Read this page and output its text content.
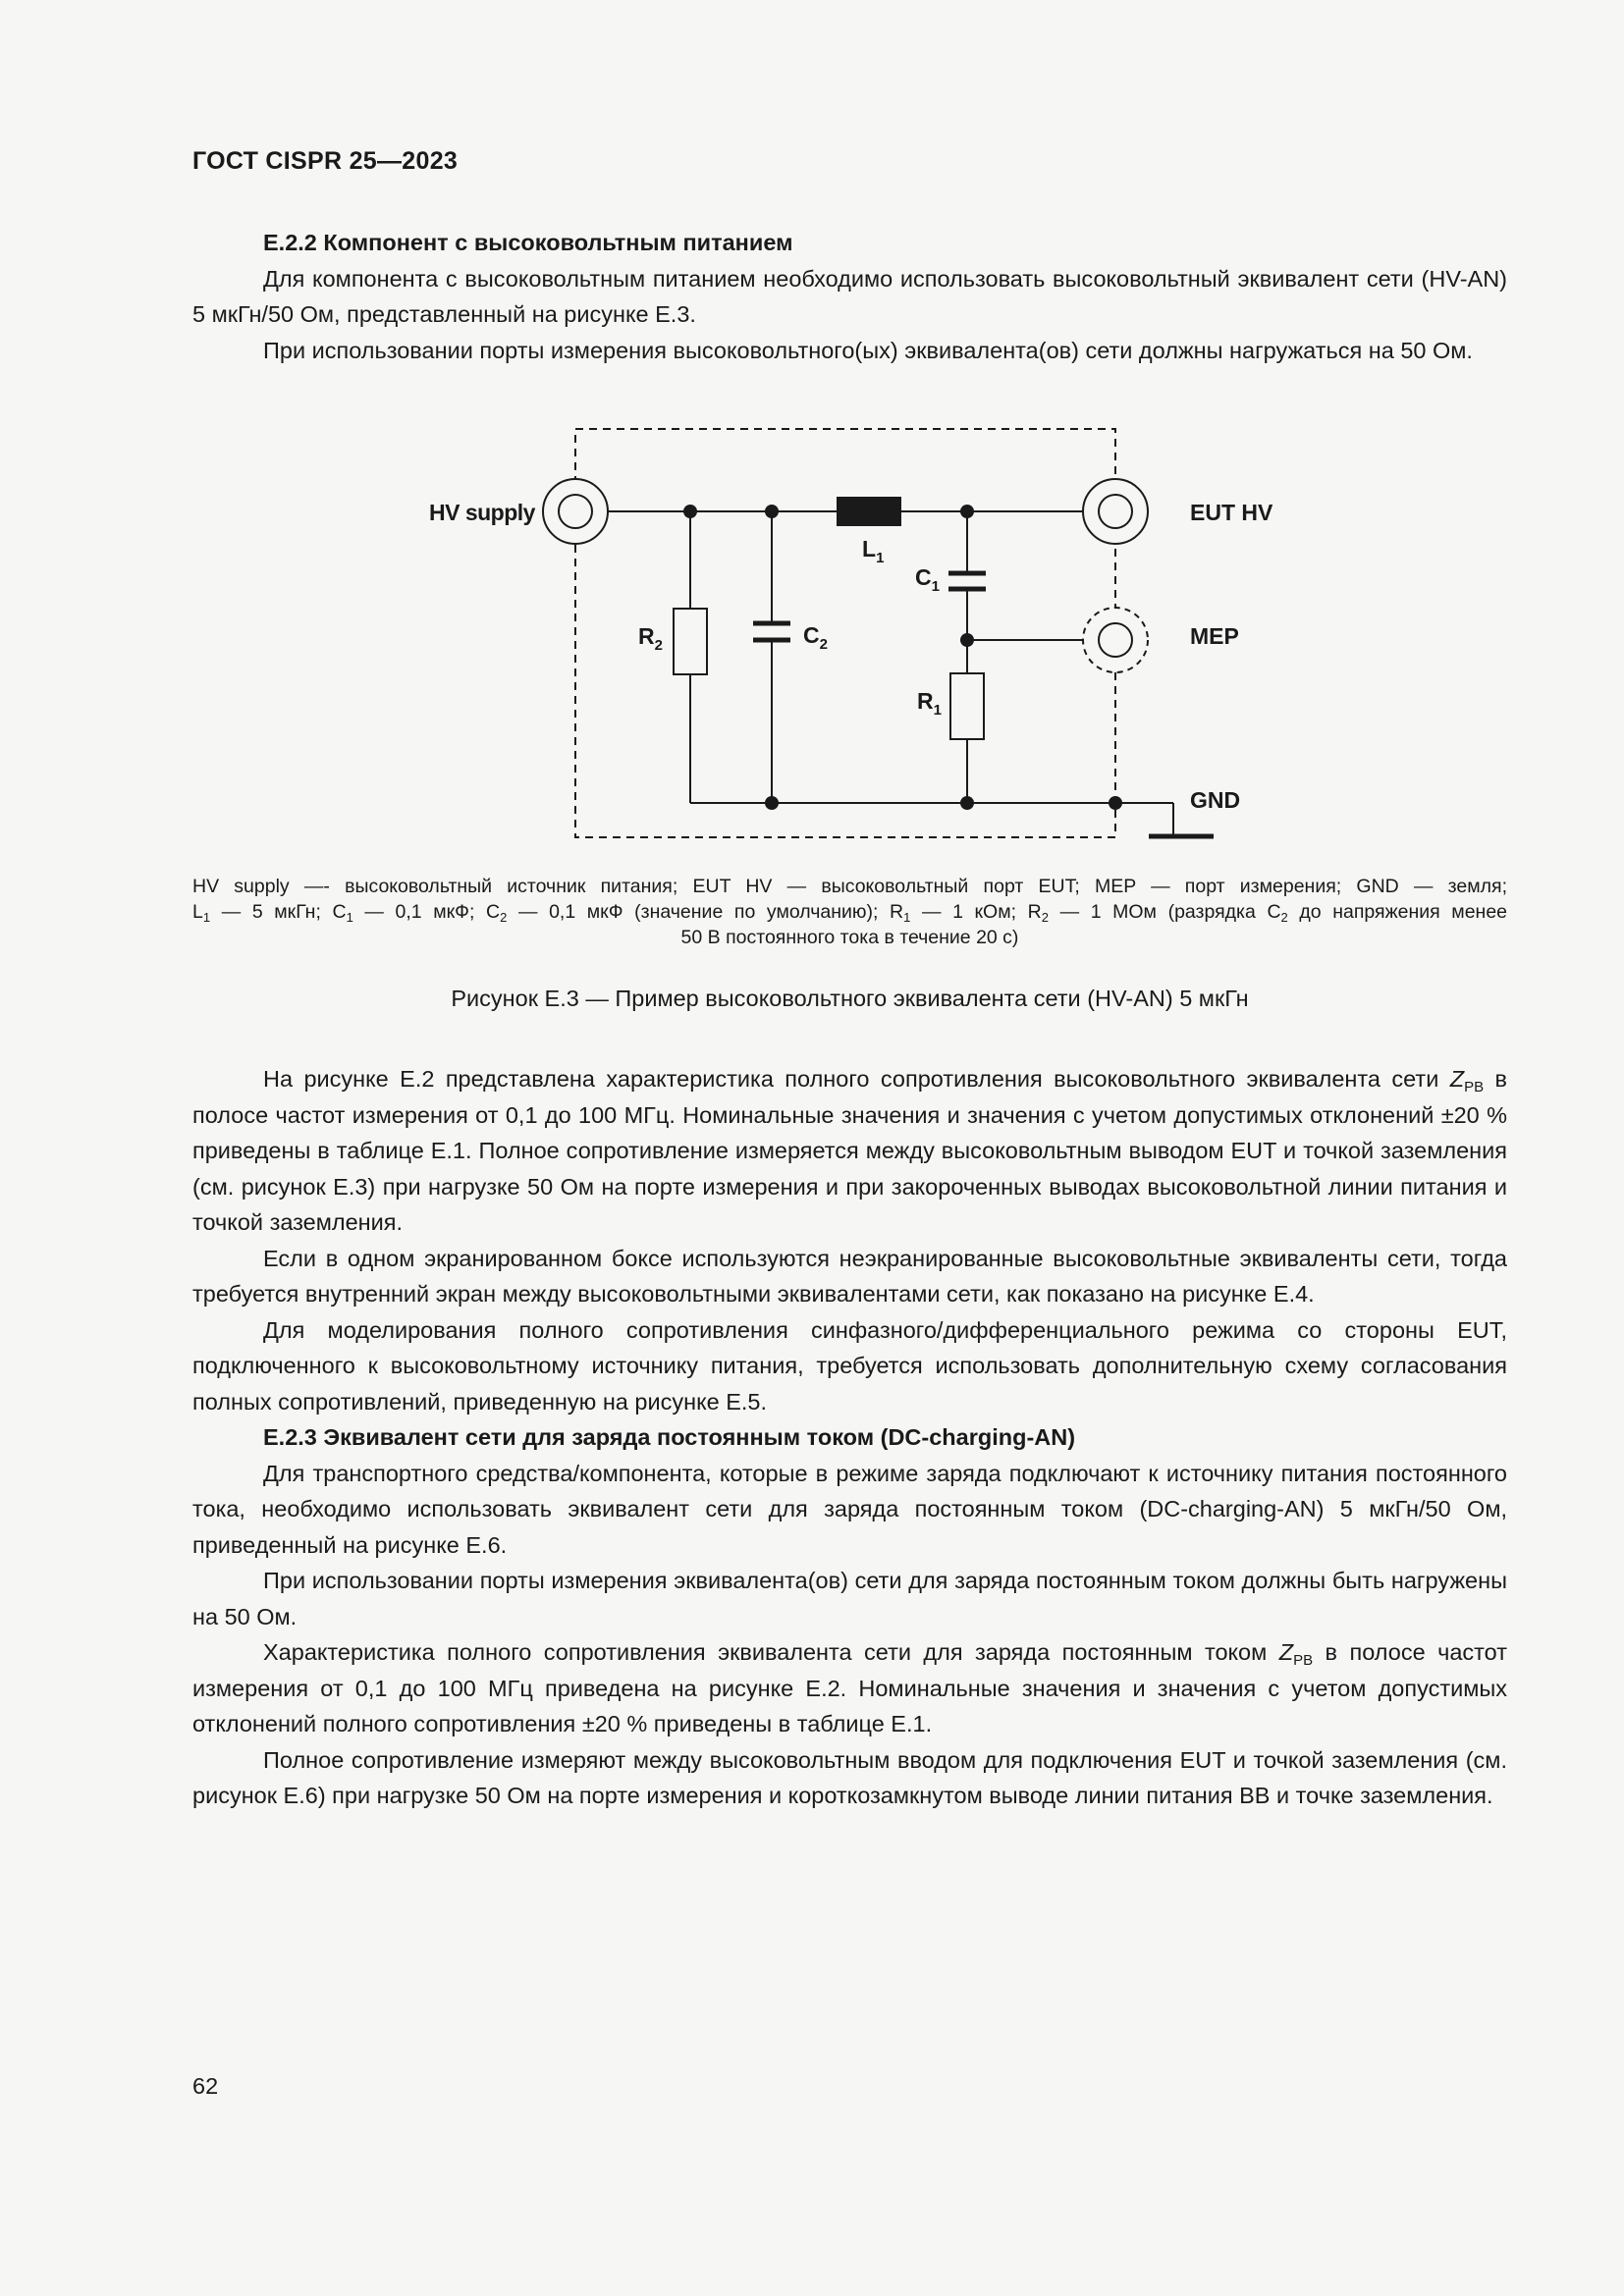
ГОСТ CISPR 25—2023
Е.2.2 Компонент с высоковольтным питанием

Для компонента с высоковольтным питанием необходимо использовать высоковольтный эквивалент сети (HV-AN) 5 мкГн/50 Ом, представленный на рисунке Е.3.

При использовании порты измерения высоковольтного(ых) эквивалента(ов) сети должны нагружаться на 50 Ом.

HV supply	EUT HV
MEP
GND
$L_1$
$C_1$
$C_2$
$R_2$
$R_1$
HV supply —- высоковольтный источник питания; EUT HV — высоковольтный порт EUT; MEP — порт измерения; GND — земля;
$L_1$ — 5 мкГн; $C_1$ — 0,1 мкФ; $C_2$ — 0,1 мкФ (значение по умолчанию); $R_1$ — 1 кОм; $R_2$ — 1 МОм (разрядка $C_2$ до напряжения менее
50 В постоянного тока в течение 20 с)
Рисунок Е.3 — Пример высоковольтного эквивалента сети (HV-AN) 5 мкГн

На рисунке Е.2 представлена характеристика полного сопротивления высоковольтного эквивалента сети $Z_{PB}$ в полосе частот измерения от 0,1 до 100 МГц. Номинальные значения и значения с учетом допустимых отклонений ±20 % приведены в таблице Е.1. Полное сопротивление измеряется между высоковольтным выводом EUT и точкой заземления (см. рисунок Е.3) при нагрузке 50 Ом на порте измерения и при закороченных выводах высоковольтной линии питания и точкой заземления.

Если в одном экранированном боксе используются неэкранированные высоковольтные эквиваленты сети, тогда требуется внутренний экран между высоковольтными эквивалентами сети, как показано на рисунке Е.4.

Для моделирования полного сопротивления синфазного/дифференциального режима со стороны EUT, подключенного к высоковольтному источнику питания, требуется использовать дополнительную схему согласования полных сопротивлений, приведенную на рисунке Е.5.

Е.2.3 Эквивалент сети для заряда постоянным током (DC-charging-AN)

Для транспортного средства/компонента, которые в режиме заряда подключают к источнику питания постоянного тока, необходимо использовать эквивалент сети для заряда постоянным током (DC-charging-AN) 5 мкГн/50 Ом, приведенный на рисунке Е.6.

При использовании порты измерения эквивалента(ов) сети для заряда постоянным током должны быть нагружены на 50 Ом.

Характеристика полного сопротивления эквивалента сети для заряда постоянным током $Z_{PB}$ в полосе частот измерения от 0,1 до 100 МГц приведена на рисунке Е.2. Номинальные значения и значения с учетом допустимых отклонений полного сопротивления ±20 % приведены в таблице Е.1.

Полное сопротивление измеряют между высоковольтным вводом для подключения EUT и точкой заземления (см. рисунок Е.6) при нагрузке 50 Ом на порте измерения и короткозамкнутом выводе линии питания ВВ и точке заземления.

62
